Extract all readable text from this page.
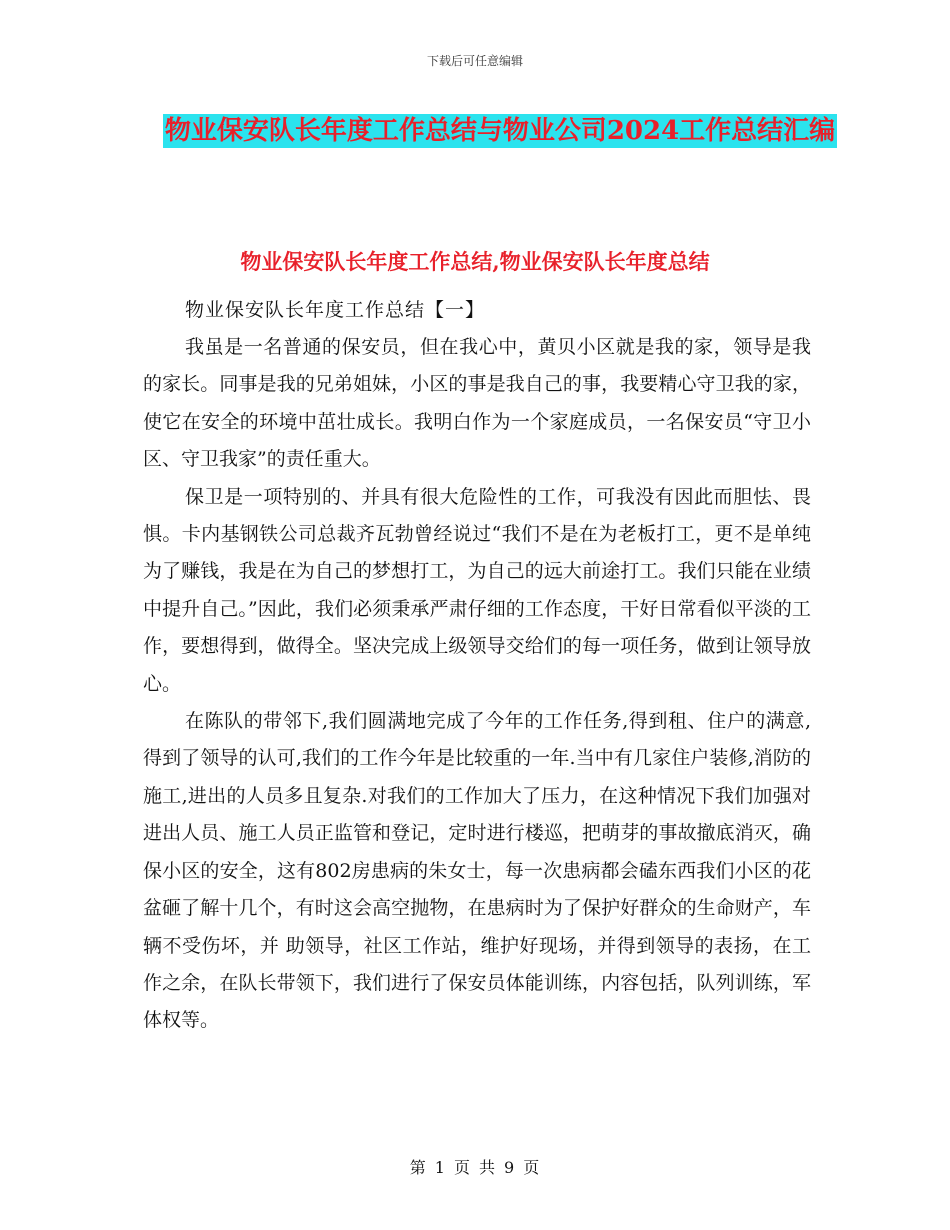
下载后可任意编辑
物业保安队长年度工作总结与物业公司2024工作总结汇编
物业保安队长年度工作总结,物业保安队长年度总结

物业保安队长年度工作总结【一】

我虽是一名普通的保安员，但在我心中，黄贝小区就是我的家，领导是我的家长。同事是我的兄弟姐妹，小区的事是我自己的事，我要精心守卫我的家，使它在安全的环境中茁壮成长。我明白作为一个家庭成员，一名保安员“守卫小区、守卫我家”的责任重大。

保卫是一项特别的、并具有很大危险性的工作，可我没有因此而胆怯、畏惧。卡内基钢铁公司总裁齐瓦勃曾经说过“我们不是在为老板打工，更不是单纯为了赚钱，我是在为自己的梦想打工，为自己的远大前途打工。我们只能在业绩中提升自己。”因此，我们必须秉承严肃仔细的工作态度，干好日常看似平淡的工作，要想得到，做得全。坚决完成上级领导交给们的每一项任务，做到让领导放心。

在陈队的带邻下,我们圆满地完成了今年的工作任务,得到租、住户的满意,得到了领导的认可,我们的工作今年是比较重的一年.当中有几家住户装修,消防的施工,进出的人员多且复杂.对我们的工作加大了压力，在这种情况下我们加强对进出人员、施工人员正监管和登记，定时进行楼巡，把萌芽的事故撤底消灭，确保小区的安全，这有802房患病的朱女士，每一次患病都会磕东西我们小区的花盆砸了解十几个，有时这会高空抛物，在患病时为了保护好群众的生命财产，车辆不受伤坏，并 助领导，社区工作站，维护好现场，并得到领导的表扬，在工作之余，在队长带领下，我们进行了保安员体能训练，内容包括，队列训练，军体权等。

第 1 页 共 9 页
